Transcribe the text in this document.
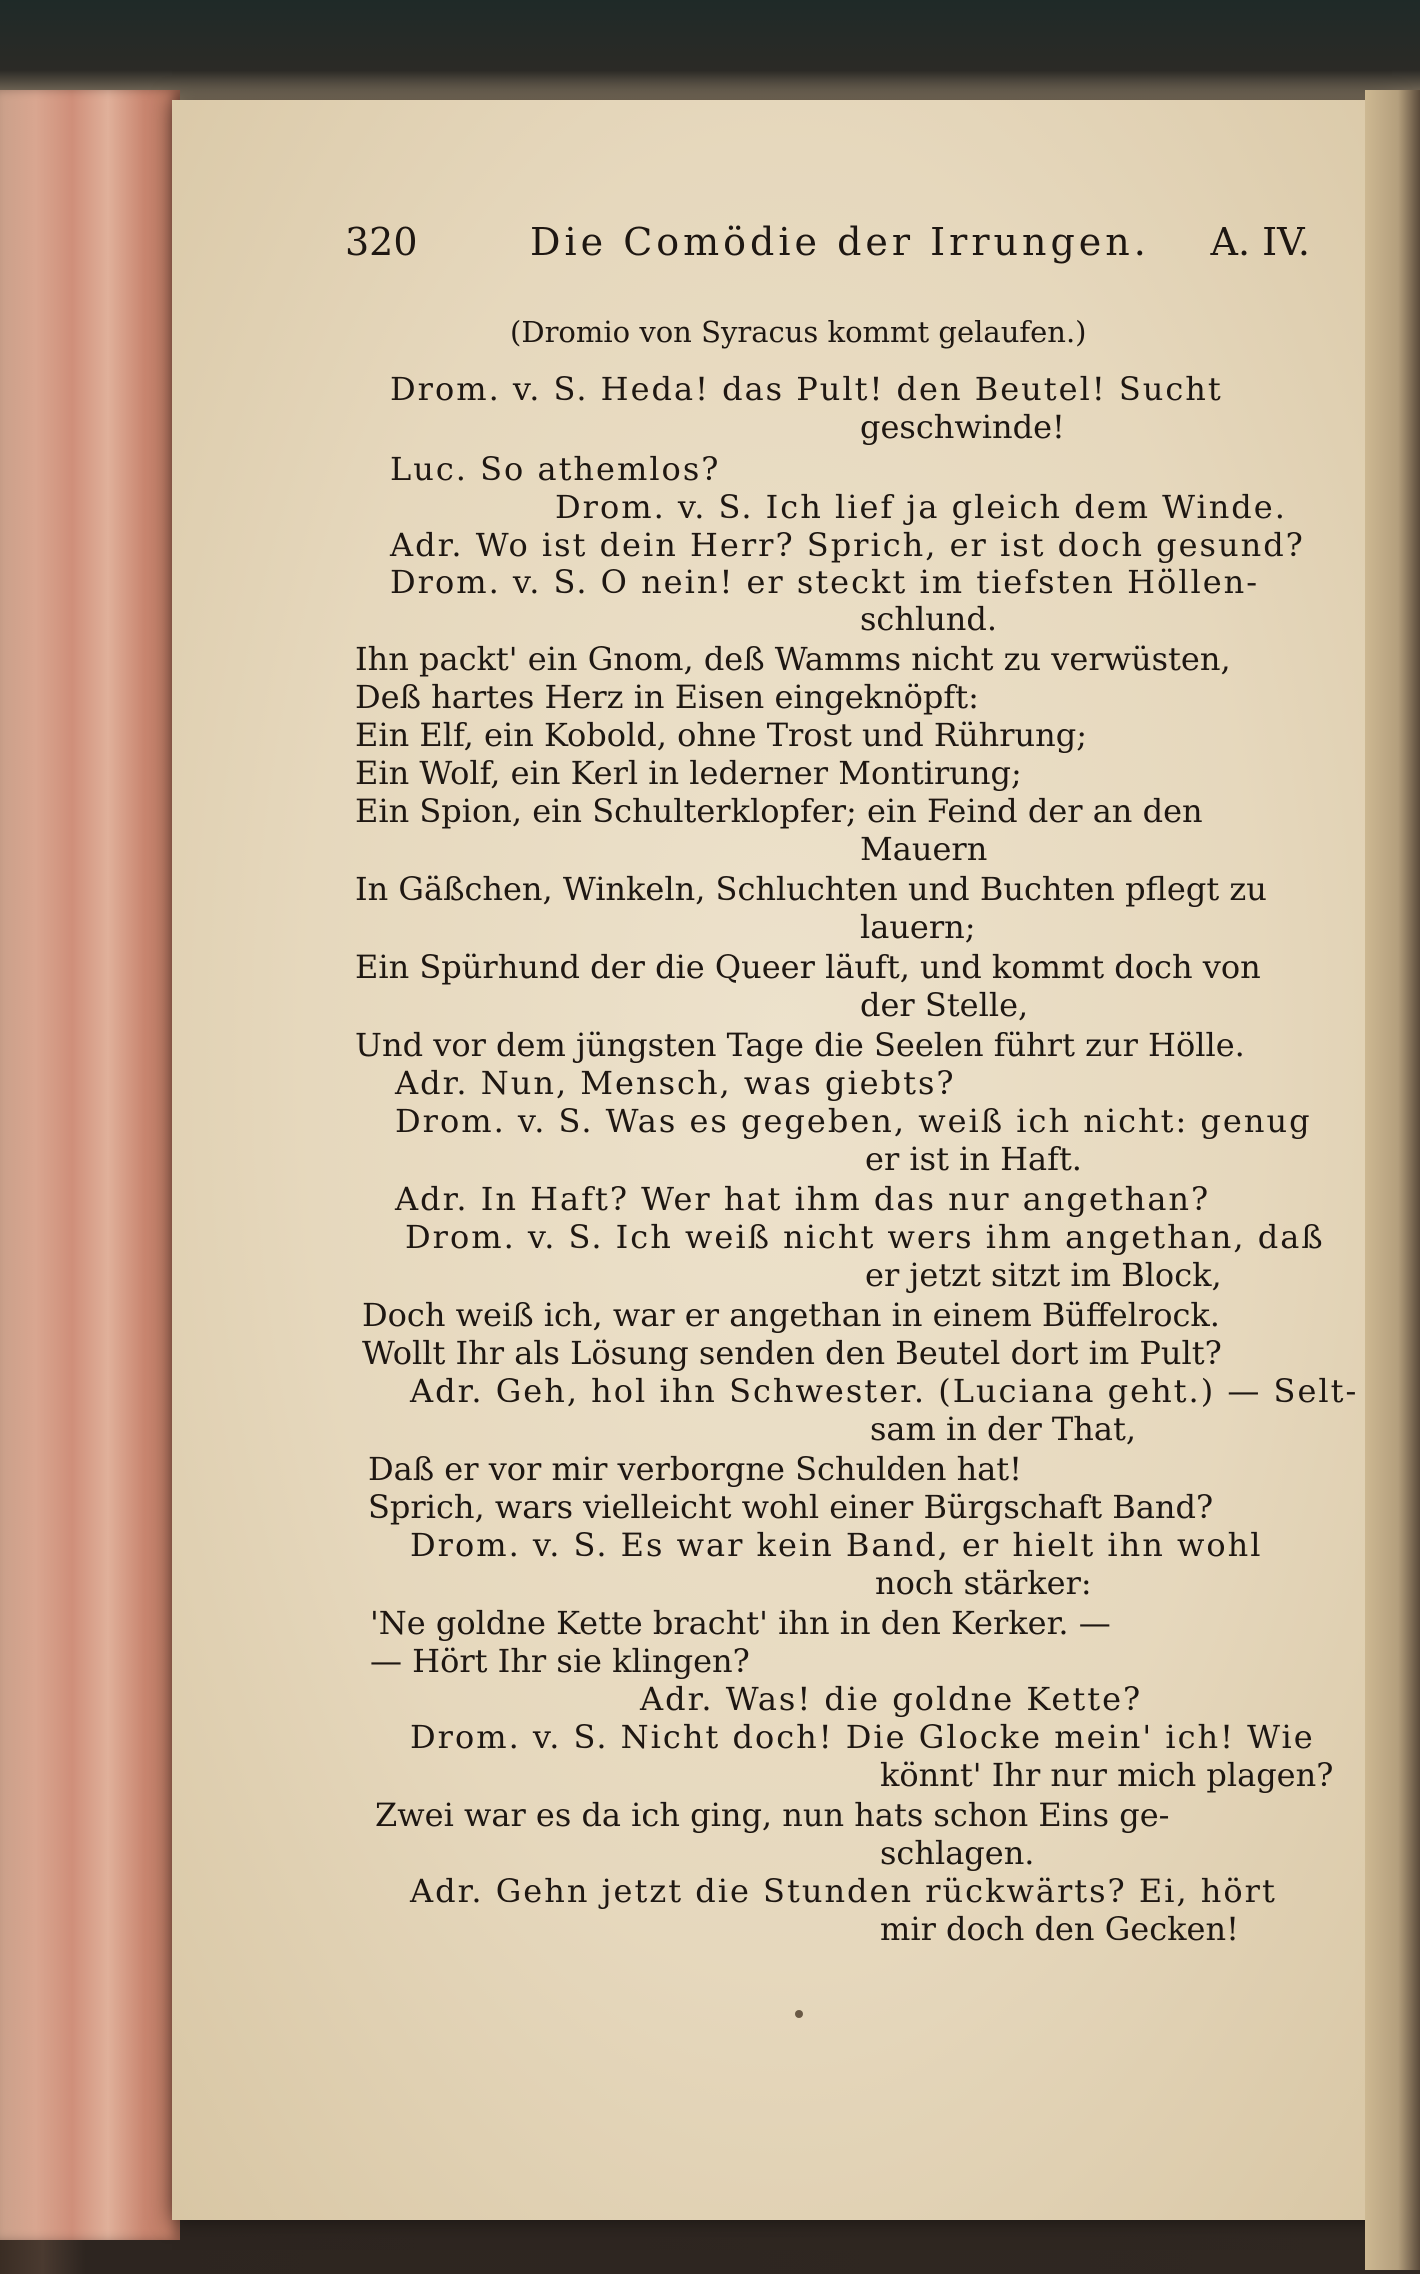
320	Die Comödie der Irrungen. A. IV.
(Dromio von Syracus kommt gelaufen.)
Drom. v. S. Heda! das Pult! den Beutel! Sucht
geschwinde!
Luc. So athemlos?
Drom. v. S. Ich lief ja gleich dem Winde.
Adr. Wo ist dein Herr? Sprich, er ist doch gesund?
Drom. v. S. O nein! er steckt im tiefsten Höllen-
schlund.
Ihn packt' ein Gnom, deß Wamms nicht zu verwüsten,
Deß hartes Herz in Eisen eingeknöpft:
Ein Elf, ein Kobold, ohne Trost und Rührung;
Ein Wolf, ein Kerl in lederner Montirung;
Ein Spion, ein Schulterklopfer; ein Feind der an den
Mauern
In Gäßchen, Winkeln, Schluchten und Buchten pflegt zu
lauern;
Ein Spürhund der die Queer läuft, und kommt doch von
der Stelle,
Und vor dem jüngsten Tage die Seelen führt zur Hölle.
Adr. Nun, Mensch, was giebts?
Drom. v. S. Was es gegeben, weiß ich nicht: genug
er ist in Haft.
Adr. In Haft? Wer hat ihm das nur angethan?
Drom. v. S. Ich weiß nicht wers ihm angethan, daß
er jetzt sitzt im Block,
Doch weiß ich, war er angethan in einem Büffelrock.
Wollt Ihr als Lösung senden den Beutel dort im Pult?
Adr. Geh, hol ihn Schwester. (Luciana geht.) — Selt-
sam in der That,
Daß er vor mir verborgne Schulden hat!
Sprich, wars vielleicht wohl einer Bürgschaft Band?
Drom. v. S. Es war kein Band, er hielt ihn wohl
noch stärker:
'Ne goldne Kette bracht' ihn in den Kerker. —
— Hört Ihr sie klingen?
Adr. Was! die goldne Kette?
Drom. v. S. Nicht doch! Die Glocke mein' ich! Wie
könnt' Ihr nur mich plagen?
Zwei war es da ich ging, nun hats schon Eins ge-
schlagen.
Adr. Gehn jetzt die Stunden rückwärts? Ei, hört
mir doch den Gecken!
